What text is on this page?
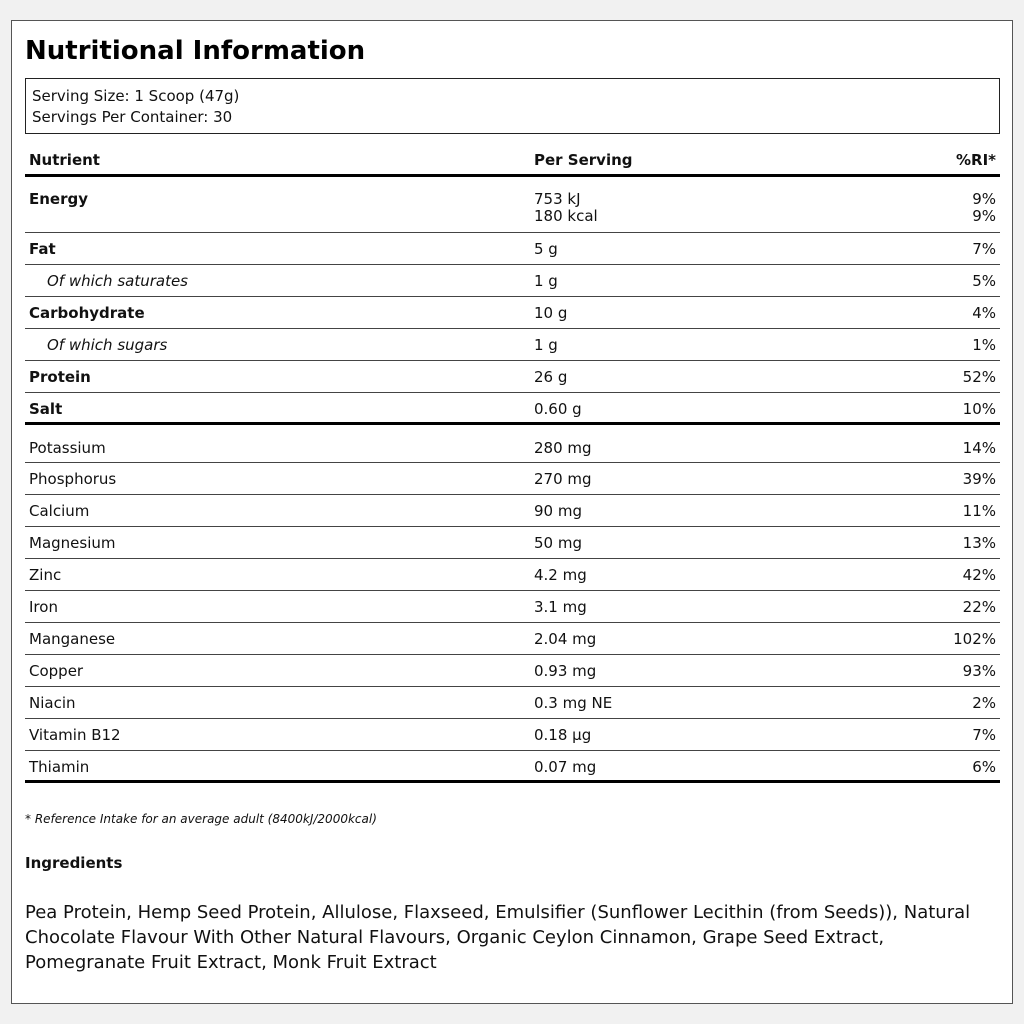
Nutritional Information
Serving Size: 1 Scoop (47g)
Servings Per Container: 30
Nutrient	Per Serving	%RI*
Energy	753 kJ	9%
180 kcal	9%
Fat	5 g	7%
Of which saturates	1 g	5%
Carbohydrate	10 g	4%
Of which sugars	1 g	1%
Protein	26 g	52%
Salt	0.60 g	10%
Potassium	280 mg	14%
Phosphorus	270 mg	39%
Calcium	90 mg	11%
Magnesium	50 mg	13%
Zinc	4.2 mg	42%
Iron	3.1 mg	22%
Manganese	2.04 mg	102%
Copper	0.93 mg	93%
Niacin	0.3 mg NE	2%
Vitamin B12	0.18 µg	7%
Thiamin	0.07 mg	6%
* Reference Intake for an average adult (8400kJ/2000kcal)
Ingredients
Pea Protein, Hemp Seed Protein, Allulose, Flaxseed, Emulsifier (Sunflower Lecithin (from Seeds)), Natural Chocolate Flavour With Other Natural Flavours, Organic Ceylon Cinnamon, Grape Seed Extract, Pomegranate Fruit Extract, Monk Fruit Extract
